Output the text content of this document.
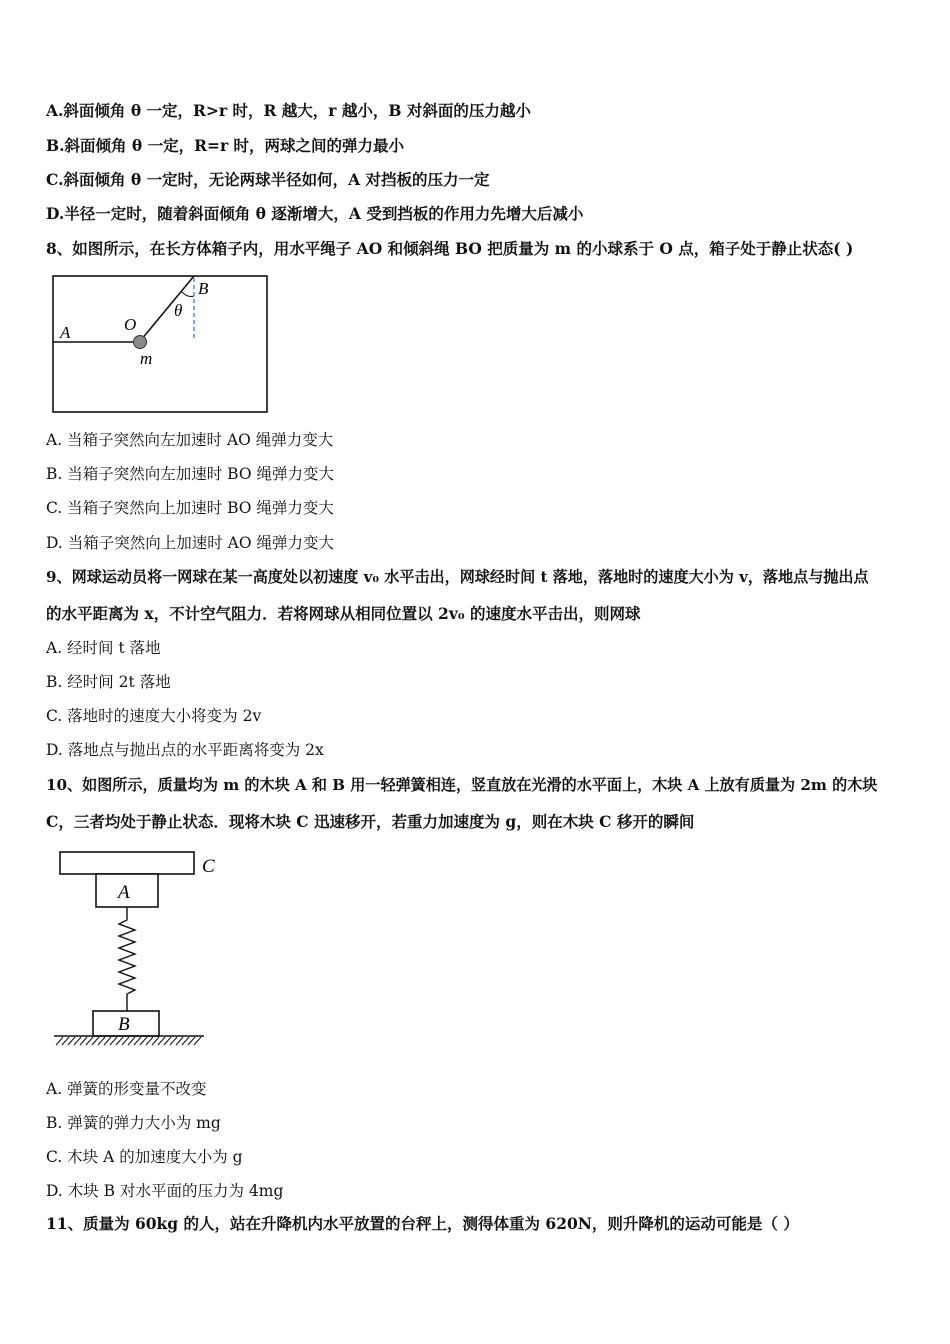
A.斜面倾角 θ 一定，R>r 时，R 越大，r 越小，B 对斜面的压力越小
B.斜面倾角 θ 一定，R=r 时，两球之间的弹力最小
C.斜面倾角 θ 一定时，无论两球半径如何，A 对挡板的压力一定
D.半径一定时，随着斜面倾角 θ 逐渐增大，A 受到挡板的作用力先增大后减小
8、如图所示，在长方体箱子内，用水平绳子 AO 和倾斜绳 BO 把质量为 m 的小球系于 O 点，箱子处于静止状态( )
A	O
B
θ
m
A. 当箱子突然向左加速时 AO 绳弹力变大
B. 当箱子突然向左加速时 BO 绳弹力变大
C. 当箱子突然向上加速时 BO 绳弹力变大
D. 当箱子突然向上加速时 AO 绳弹力变大
9、网球运动员将一网球在某一高度处以初速度 v₀ 水平击出，网球经时间 t 落地，落地时的速度大小为 v，落地点与抛出点
的水平距离为 x，不计空气阻力．若将网球从相同位置以 2v₀ 的速度水平击出，则网球
A. 经时间 t 落地
B. 经时间 2t 落地
C. 落地时的速度大小将变为 2v
D. 落地点与抛出点的水平距离将变为 2x
10、如图所示，质量均为 m 的木块 A 和 B 用一轻弹簧相连，竖直放在光滑的水平面上，木块 A 上放有质量为 2m 的木块
C，三者均处于静止状态．现将木块 C 迅速移开，若重力加速度为 g，则在木块 C 移开的瞬间
C
A
B
A. 弹簧的形变量不改变
B. 弹簧的弹力大小为 mg
C. 木块 A 的加速度大小为 g
D. 木块 B 对水平面的压力为 4mg
11、质量为 60kg 的人，站在升降机内水平放置的台秤上，测得体重为 620N，则升降机的运动可能是（ ）
